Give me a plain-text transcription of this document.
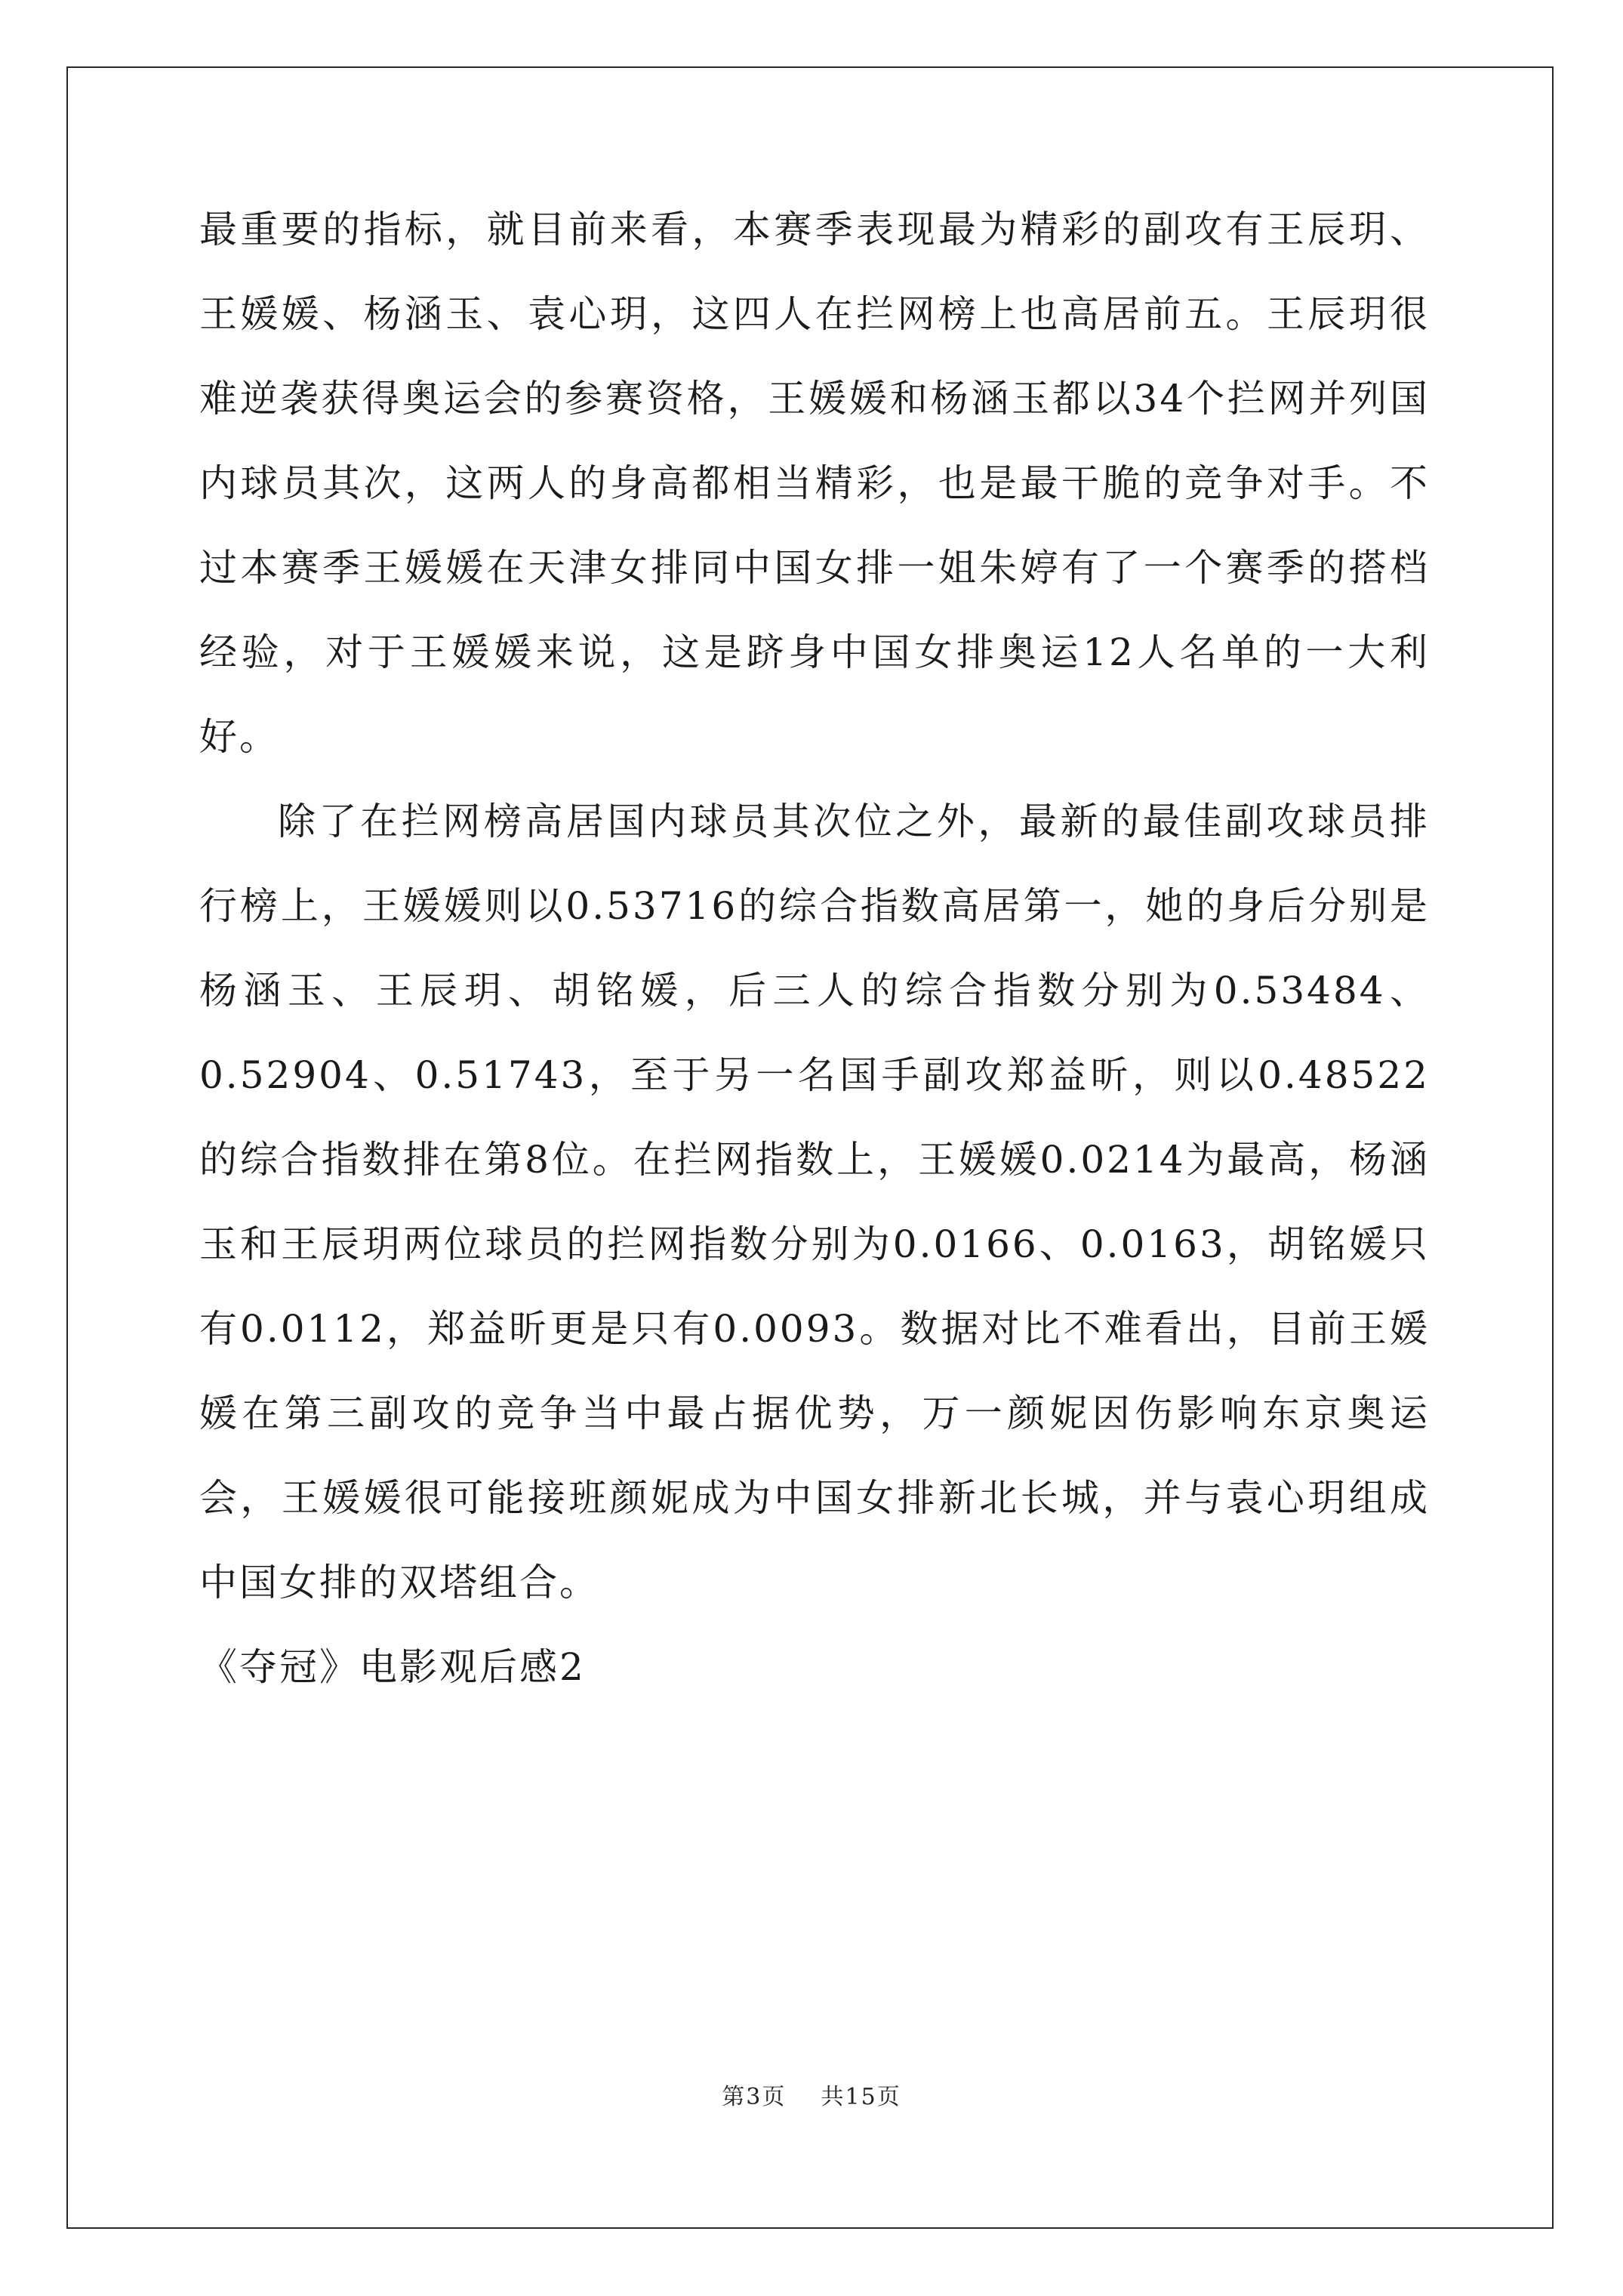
最重要的指标，就目前来看，本赛季表现最为精彩的副攻有王辰玥、王媛媛、杨涵玉、袁心玥，这四人在拦网榜上也高居前五。王辰玥很难逆袭获得奥运会的参赛资格，王媛媛和杨涵玉都以34个拦网并列国内球员其次，这两人的身高都相当精彩，也是最干脆的竞争对手。不过本赛季王媛媛在天津女排同中国女排一姐朱婷有了一个赛季的搭档经验，对于王媛媛来说，这是跻身中国女排奥运12人名单的一大利好。

除了在拦网榜高居国内球员其次位之外，最新的最佳副攻球员排行榜上，王媛媛则以0.53716的综合指数高居第一，她的身后分别是杨涵玉、王辰玥、胡铭媛，后三人的综合指数分别为0.53484、0.52904、0.51743，至于另一名国手副攻郑益昕，则以0.48522的综合指数排在第8位。在拦网指数上，王媛媛0.0214为最高，杨涵玉和王辰玥两位球员的拦网指数分别为0.0166、0.0163，胡铭媛只有0.0112，郑益昕更是只有0.0093。数据对比不难看出，目前王媛媛在第三副攻的竞争当中最占据优势，万一颜妮因伤影响东京奥运会，王媛媛很可能接班颜妮成为中国女排新北长城，并与袁心玥组成中国女排的双塔组合。

《夺冠》电影观后感2

第3页 共15页
